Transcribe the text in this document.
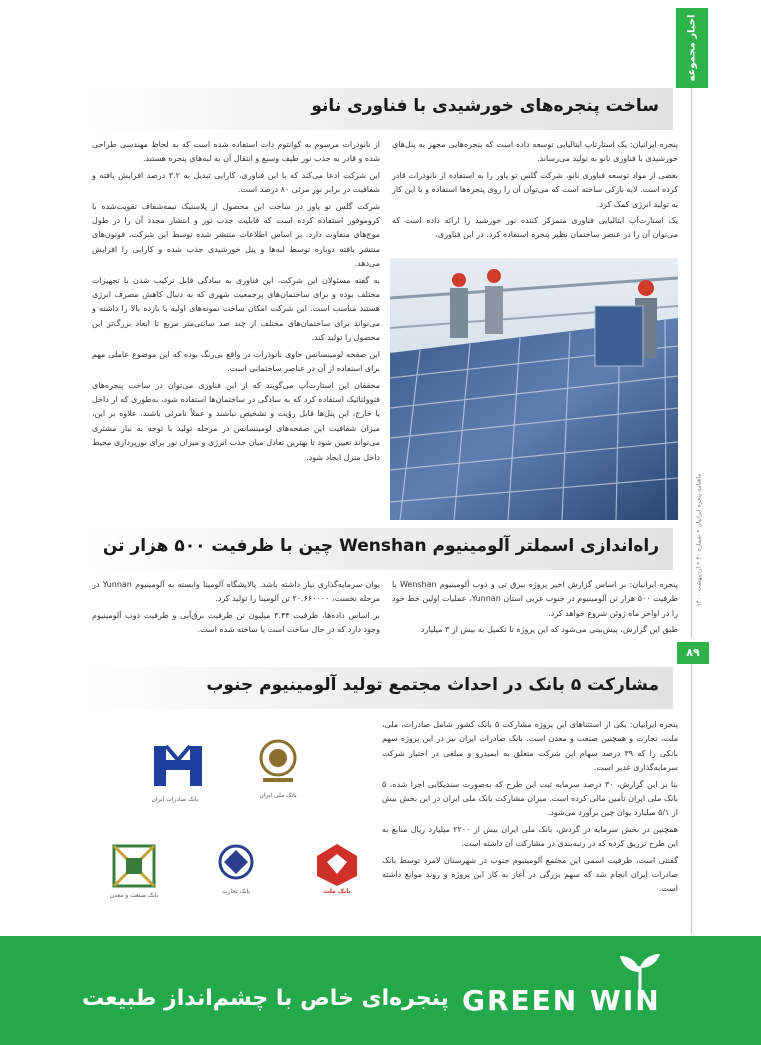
اخبار مجموعه
ماهنامه پنجره ایرانیان • شماره ۴۰ • اردیبهشت ۱۴۰۰
۸۹
ساخت پنجره‌های خورشیدی با فناوری نانو

پنجره ایرانیان: یک استارتاپ ایتالیایی توسعه داده است که پنجره‌هایی مجهز به پنل‌های خورشیدی با فناوری نانو به تولید می‌رساند.

بعضی از مواد توسعه فناوری نانو، شرکت گلس تو پاور را به استفاده از نانوذرات قادر کرده است. لایه نازکی ساخته است که می‌توان آن را روی پنجره‌ها استفاده و با این کار به تولید انرژی کمک کرد.

یک استارت‌آپ ایتالیایی فناوری متمرکز کننده نور خورشید را ارائه داده است که می‌توان آن را در عنصر ساختمان نظیر پنجره استفاده کرد. در این فناوری،

از نانوذرات مرسوم به کوانتوم دات استفاده شده است که به لحاظ مهندسی طراحی شده و قادر به جذب نور طیف وسیع و انتقال آن به لبه‌های پنجره هستند.

این شرکت ادعا می‌کند که با این فناوری، کارایی تبدیل به ۳.۲ درصد افزایش یافته و شفافیت در برابر نور مرئی ۸۰ درصد است.

شرکت گلس تو پاور در ساخت این محصول از پلاستیک نیمه‌شفاف تقویت‌شده با کروموفور استفاده کرده است که قابلیت جذب نور و انتشار مجدد آن را در طول موج‌های متفاوت دارد. بر اساس اطلاعات منتشر شده توسط این شرکت، فوتون‌های منتشر یافته دوباره توسط لبه‌ها و پنل خورشیدی جذب شده و کارایی را افزایش می‌دهد.

به گفته مسئولان این شرکت، این فناوری به سادگی قابل ترکیب شدن با تجهیزات مختلف بوده و برای ساختمان‌های پرجمعیت شهری که به دنبال کاهش مصرف انرژی هستند مناسب است. این شرکت امکان ساخت نمونه‌های اولیه با بازده بالا را داشته و می‌تواند برای ساختمان‌های مختلف از چند صد سانتی‌متر مربع تا ابعاد بزرگ‌تر این محصول را تولید کند.

این صفحه لومینسانس حاوی نانوذرات در واقع بی‌رنگ بوده که این موضوع عاملی مهم برای استفاده از آن در عناصر ساختمانی است.

محققان این استارت‌آپ می‌گویند که از این فناوری می‌توان در ساخت پنجره‌های فتوولتائیک استفاده کرد که به سادگی در ساختمان‌ها استفاده شود، به‌طوری که از داخل یا خارج، این پنل‌ها قابل رؤیت و تشخیص نباشند و عملاً نامرئی باشند. علاوه بر این، میزان شفافیت این صفحه‌های لومینسانس در مرحله تولید با توجه به نیاز مشتری می‌تواند تعیین شود تا بهترین تعادل میان جذب انرژی و میزان نور برای نورپردازی محیط داخل منزل ایجاد شود.

راه‌اندازی اسملتر آلومینیوم Wenshan چین با ظرفیت ۵۰۰ هزار تن

پنجره ایرانیان: بر اساس گزارش اخیر پروژه بیرق تی و ذوب آلومینیوم Wenshan با ظرفیت ۵۰۰ هزار تن آلومینیوم در جنوب غربی استان Yunnan، عملیات اولین خط خود را در اواخر ماه ژوئن شروع خواهد کرد.

طبق این گزارش، پیش‌بینی می‌شود که این پروژه تا تکمیل به بیش از ۳ میلیارد

یوان سرمایه‌گذاری نیاز داشته باشد. پالایشگاه آلومینا وابسته به آلومینیوم Yunnan در مرحله نخست، ۲۰.۶۶۰۰۰۰ تن آلومینا را تولید کرد.

بر اساس داده‌ها، ظرفیت ۳.۴۴ میلیون تن ظرفیت برق‌آبی و ظرفیت ذوب آلومینیوم وجود دارد که در حال ساخت است یا ساخته شده است.

مشارکت ۵ بانک در احداث مجتمع تولید آلومینیوم جنوب

پنجره ایرانیان: یکی از استثناهای این پروژه مشارکت ۵ بانک کشور شامل صادرات، ملی، ملت، تجارت و همچنین صنعت و معدن است. بانک صادرات ایران نیز در این پروژه سهم بانکی را که ۳۹ درصد سهام این شرکت متعلق به ایمیدرو و مبلغی در اختیار شرکت سرمایه‌گذاری غدیر است.

بنا بر این گزارش، ۳۰ درصد سرمایه ثبت این طرح که به‌صورت سندیکایی اجرا شده، ۵ بانک ملی ایران تأمین مالی کرده است. میزان مشارکت بانک ملی ایران در این بخش بیش از ۵/۱ میلیارد یوان چین برآورد می‌شود.

همچنین در بخش سرمایه در گردش، بانک ملی ایران بیش از ۲۲۰۰ میلیارد ریال منابع به این طرح تزریق کرده که در رتبه‌بندی در مشارکت آن داشته است.

گفتنی است، ظرفیت اسمی این مجتمع آلومینیوم جنوب در شهرستان لامرد توسط بانک صادرات ایران انجام شد که سهم بزرگی در آغاز به کار این پروژه و روند موانع داشته است.

بانک صادرات ایران
بانک ملی ایران
بانک صنعت و معدن
بانک تجارت	بانک ملت
GREEN WIN
پنجره‌ای خاص با چشم‌انداز طبیعت
